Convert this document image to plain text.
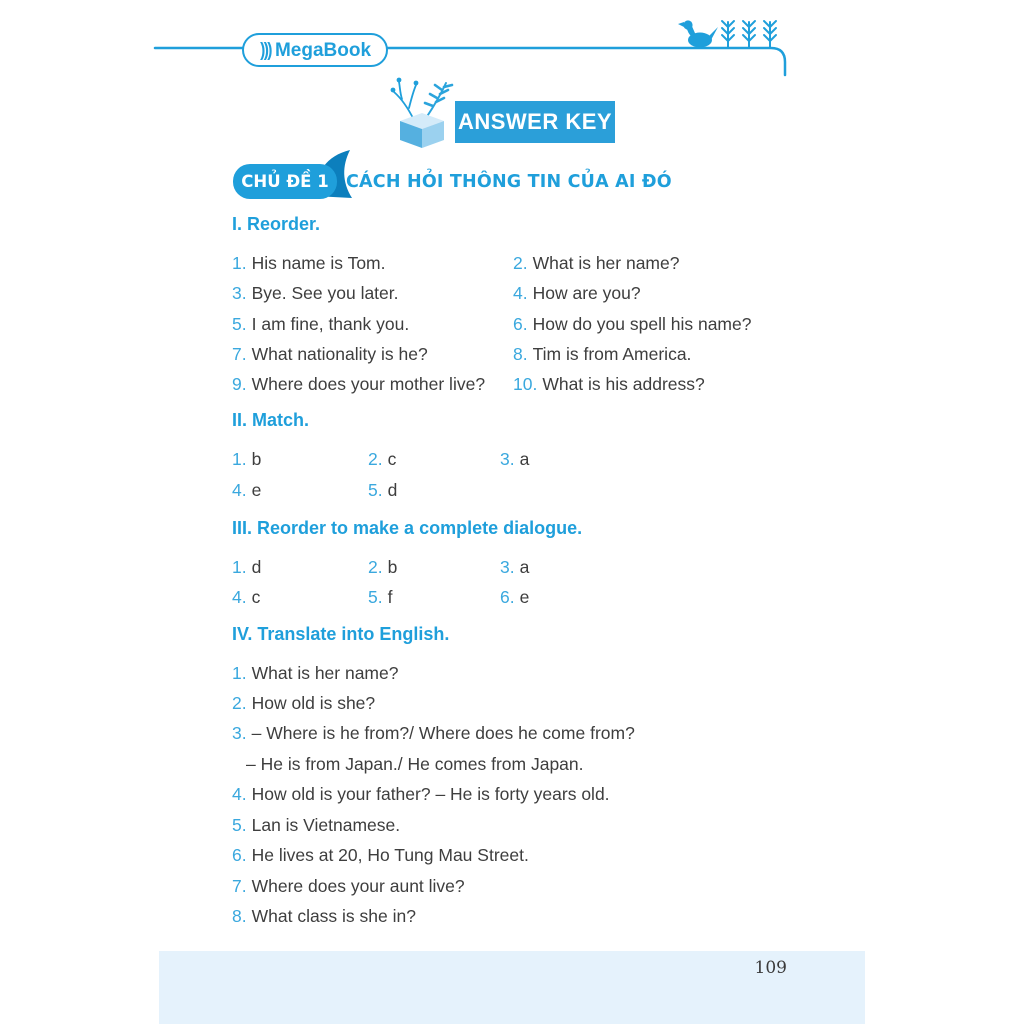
))) MegaBook
ANSWER KEY
CHỦ ĐỀ 1 CÁCH HỎI THÔNG TIN CỦA AI ĐÓ
I. Reorder.
1. His name is Tom.	2. What is her name?
3. Bye. See you later.	4. How are you?
5. I am fine, thank you.	6. How do you spell his name?
7. What nationality is he?	8. Tim is from America.
9. Where does your mother live?	10. What is his address?
II. Match.
1. b	2. c	3. a
4. e	5. d
III. Reorder to make a complete dialogue.
1. d	2. b	3. a
4. c	5. f	6. e
IV. Translate into English.
1. What is her name?
2. How old is she?
3. – Where is he from?/ Where does he come from?
– He is from Japan./ He comes from Japan.
4. How old is your father? – He is forty years old.
5. Lan is Vietnamese.
6. He lives at 20, Ho Tung Mau Street.
7. Where does your aunt live?
8. What class is she in?
109
